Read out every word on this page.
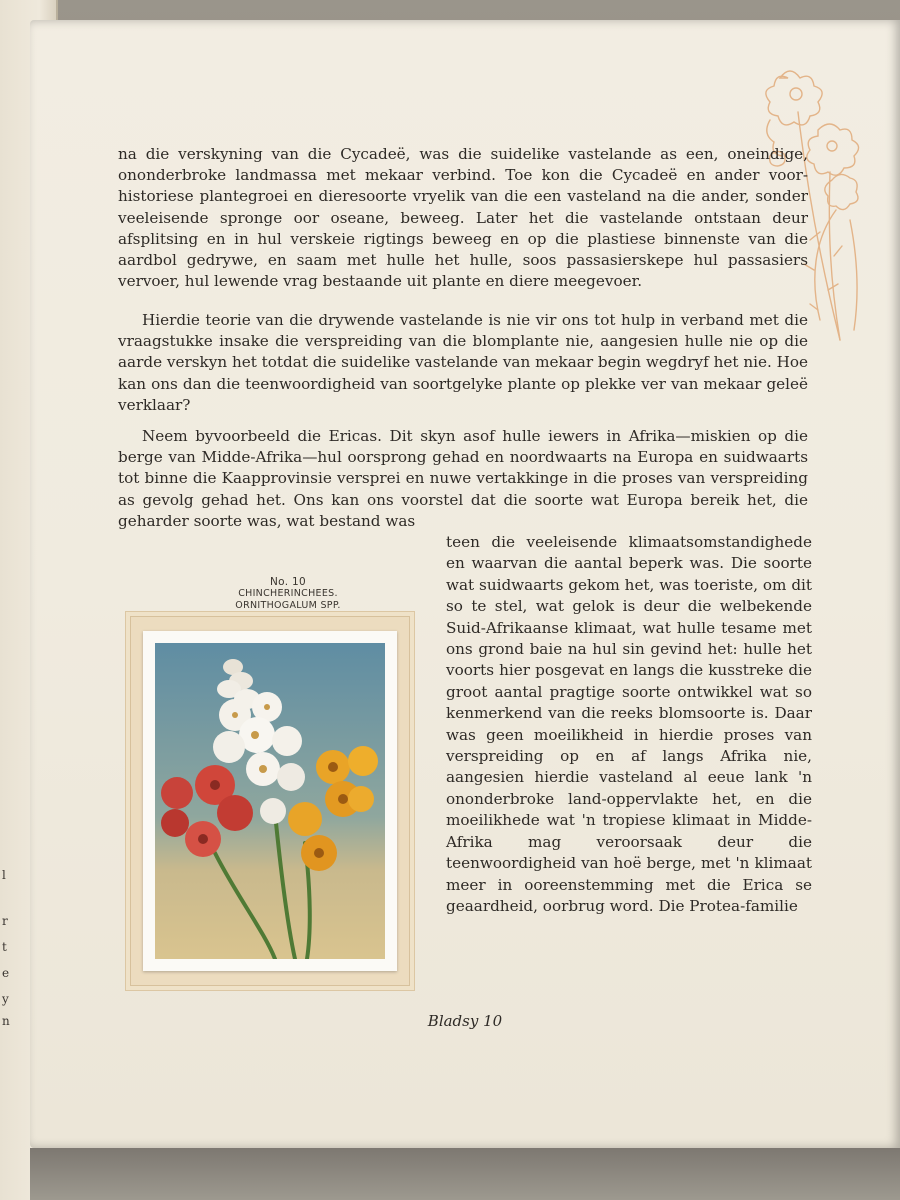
l
r
t
e
y
n

na die verskyning van die Cycadeë, was die suidelike vastelande as een, oneindige, ononderbroke landmassa met mekaar verbind. Toe kon die Cycadeë en ander voor-historiese plantegroei en dieresoorte vryelik van die een vasteland na die ander, sonder veeleisende spronge oor oseane, beweeg. Later het die vastelande ontstaan deur afsplitsing en in hul verskeie rigtings beweeg en op die plastiese binnenste van die aardbol gedrywe, en saam met hulle het hulle, soos passasierskepe hul passasiers vervoer, hul lewende vrag bestaande uit plante en diere meegevoer.

Hierdie teorie van die drywende vastelande is nie vir ons tot hulp in verband met die vraagstukke insake die verspreiding van die blomplante nie, aangesien hulle nie op die aarde verskyn het totdat die suidelike vastelande van mekaar begin wegdryf het nie. Hoe kan ons dan die teenwoordigheid van soortgelyke plante op plekke ver van mekaar geleë verklaar?

Neem byvoorbeeld die Ericas. Dit skyn asof hulle iewers in Afrika—miskien op die berge van Midde-Afrika—hul oorsprong gehad en noordwaarts na Europa en suidwaarts tot binne die Kaapprovinsie versprei en nuwe vertakkinge in die proses van verspreiding as gevolg gehad het. Ons kan ons voorstel dat die soorte wat Europa bereik het, die geharder soorte was, wat bestand was

No. 10
CHINCHERINCHEES.
ORNITHOGALUM SPP.

teen die veeleisende klimaatsomstandighede en waarvan die aantal beperk was. Die soorte wat suidwaarts gekom het, was toeriste, om dit so te stel, wat gelok is deur die welbekende Suid-Afrikaanse klimaat, wat hulle tesame met ons grond baie na hul sin gevind het: hulle het voorts hier posgevat en langs die kusstreke die groot aantal pragtige soorte ontwikkel wat so kenmerkend van die reeks blomsoorte is. Daar was geen moeilikheid in hierdie proses van verspreiding op en af langs Afrika nie, aangesien hierdie vasteland al eeue lank 'n ononderbroke land-oppervlakte het, en die moeilikhede wat 'n tropiese klimaat in Midde-Afrika mag veroorsaak deur die teenwoordigheid van hoë berge, met 'n klimaat meer in ooreenstemming met die Erica se geaardheid, oorbrug word. Die Protea-familie

Bladsy 10
